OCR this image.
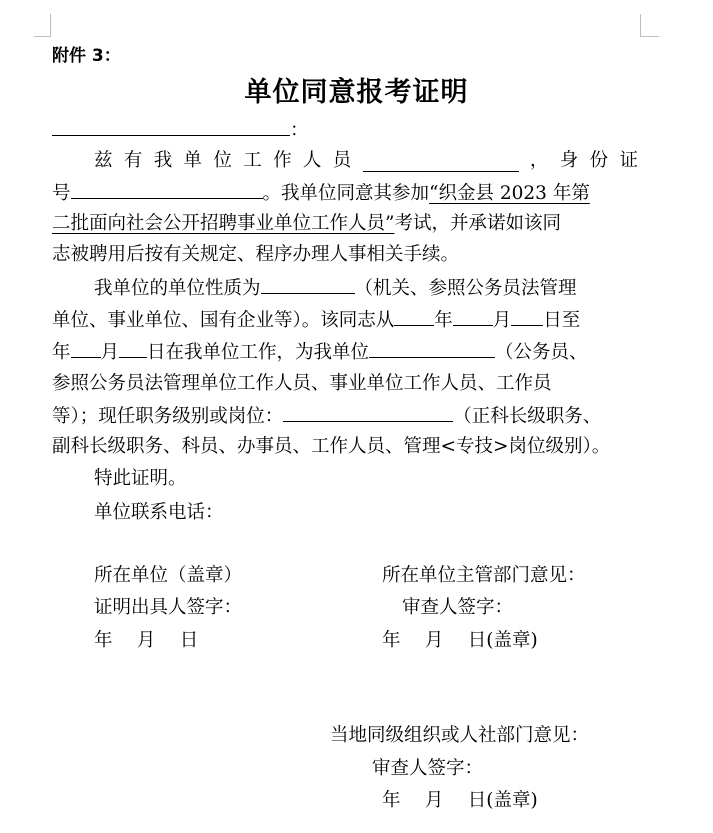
附件 3：
单位同意报考证明
：
兹 有 我 单 位 工 作 人 员	， 身 份 证
号	。我单位同意其参加“织金县 2023 年第
二批面向社会公开招聘事业单位工作人员”考试，并承诺如该同
志被聘用后按有关规定、程序办理人事相关手续。
我单位的单位性质为	（机关、参照公务员法管理
单位、事业单位、国有企业等）。该同志从 年 月 日至
年 月 日在我单位工作，为我单位	（公务员、
参照公务员法管理单位工作人员、事业单位工作人员、工作员
等）；现任职务级别或岗位：	（正科长级职务、
副科长级职务、科员、办事员、工作人员、管理<专技>岗位级别）。
特此证明。
单位联系电话：
所在单位（盖章）
证明出具人签字：
年　 月　 日
所在单位主管部门意见：
审查人签字：
年　 月　 日(盖章)
当地同级组织或人社部门意见：
审查人签字：
年　 月　 日(盖章)
